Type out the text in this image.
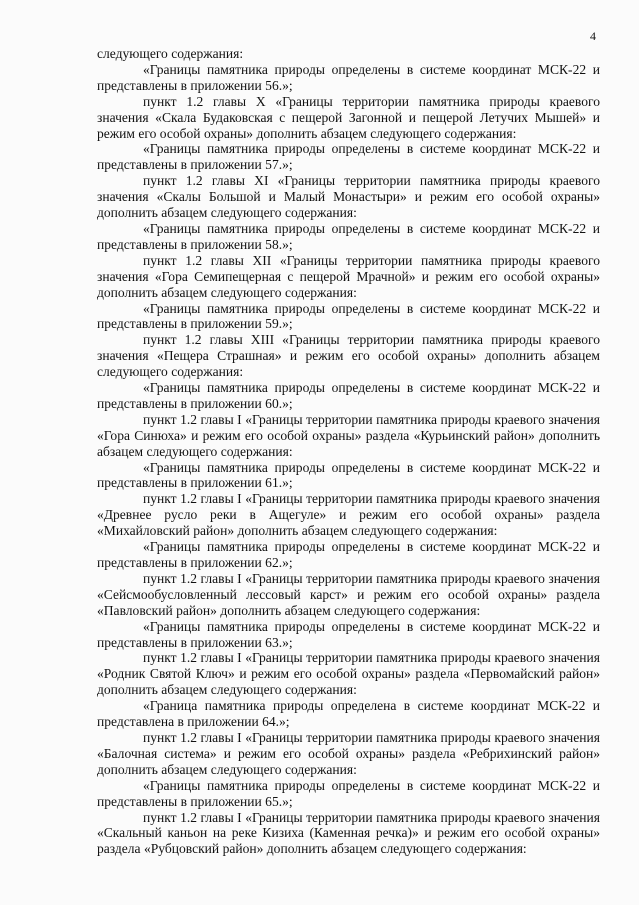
4

следующего содержания:

«Границы памятника природы определены в системе координат МСК-22 и представлены в приложении 56.»;

пункт 1.2 главы X «Границы территории памятника природы краевого значения «Скала Будаковская с пещерой Загонной и пещерой Летучих Мышей» и режим его особой охраны» дополнить абзацем следующего содержания:

«Границы памятника природы определены в системе координат МСК-22 и представлены в приложении 57.»;

пункт 1.2 главы XI «Границы территории памятника природы краевого значения «Скалы Большой и Малый Монастыри» и режим его особой охраны» дополнить абзацем следующего содержания:

«Границы памятника природы определены в системе координат МСК-22 и представлены в приложении 58.»;

пункт 1.2 главы XII «Границы территории памятника природы краевого значения «Гора Семипещерная с пещерой Мрачной» и режим его особой охраны» дополнить абзацем следующего содержания:

«Границы памятника природы определены в системе координат МСК-22 и представлены в приложении 59.»;

пункт 1.2 главы XIII «Границы территории памятника природы краевого значения «Пещера Страшная» и режим его особой охраны» дополнить абзацем следующего содержания:

«Границы памятника природы определены в системе координат МСК-22 и представлены в приложении 60.»;

пункт 1.2 главы I «Границы территории памятника природы краевого значения «Гора Синюха» и режим его особой охраны» раздела «Курьинский район» дополнить абзацем следующего содержания:

«Границы памятника природы определены в системе координат МСК-22 и представлены в приложении 61.»;

пункт 1.2 главы I «Границы территории памятника природы краевого значения «Древнее русло реки в Ащегуле» и режим его особой охраны» раздела «Михайловский район» дополнить абзацем следующего содержания:

«Границы памятника природы определены в системе координат МСК-22 и представлены в приложении 62.»;

пункт 1.2 главы I «Границы территории памятника природы краевого значения «Сейсмообусловленный лессовый карст» и режим его особой охраны» раздела «Павловский район» дополнить абзацем следующего содержания:

«Границы памятника природы определены в системе координат МСК-22 и представлены в приложении 63.»;

пункт 1.2 главы I «Границы территории памятника природы краевого значения «Родник Святой Ключ» и режим его особой охраны» раздела «Первомайский район» дополнить абзацем следующего содержания:

«Граница памятника природы определена в системе координат МСК-22 и представлена в приложении 64.»;

пункт 1.2 главы I «Границы территории памятника природы краевого значения «Балочная система» и режим его особой охраны» раздела «Ребрихинский район» дополнить абзацем следующего содержания:

«Границы памятника природы определены в системе координат МСК-22 и представлены в приложении 65.»;

пункт 1.2 главы I «Границы территории памятника природы краевого значения «Скальный каньон на реке Кизиха (Каменная речка)» и режим его особой охраны» раздела «Рубцовский район» дополнить абзацем следующего содержания:
